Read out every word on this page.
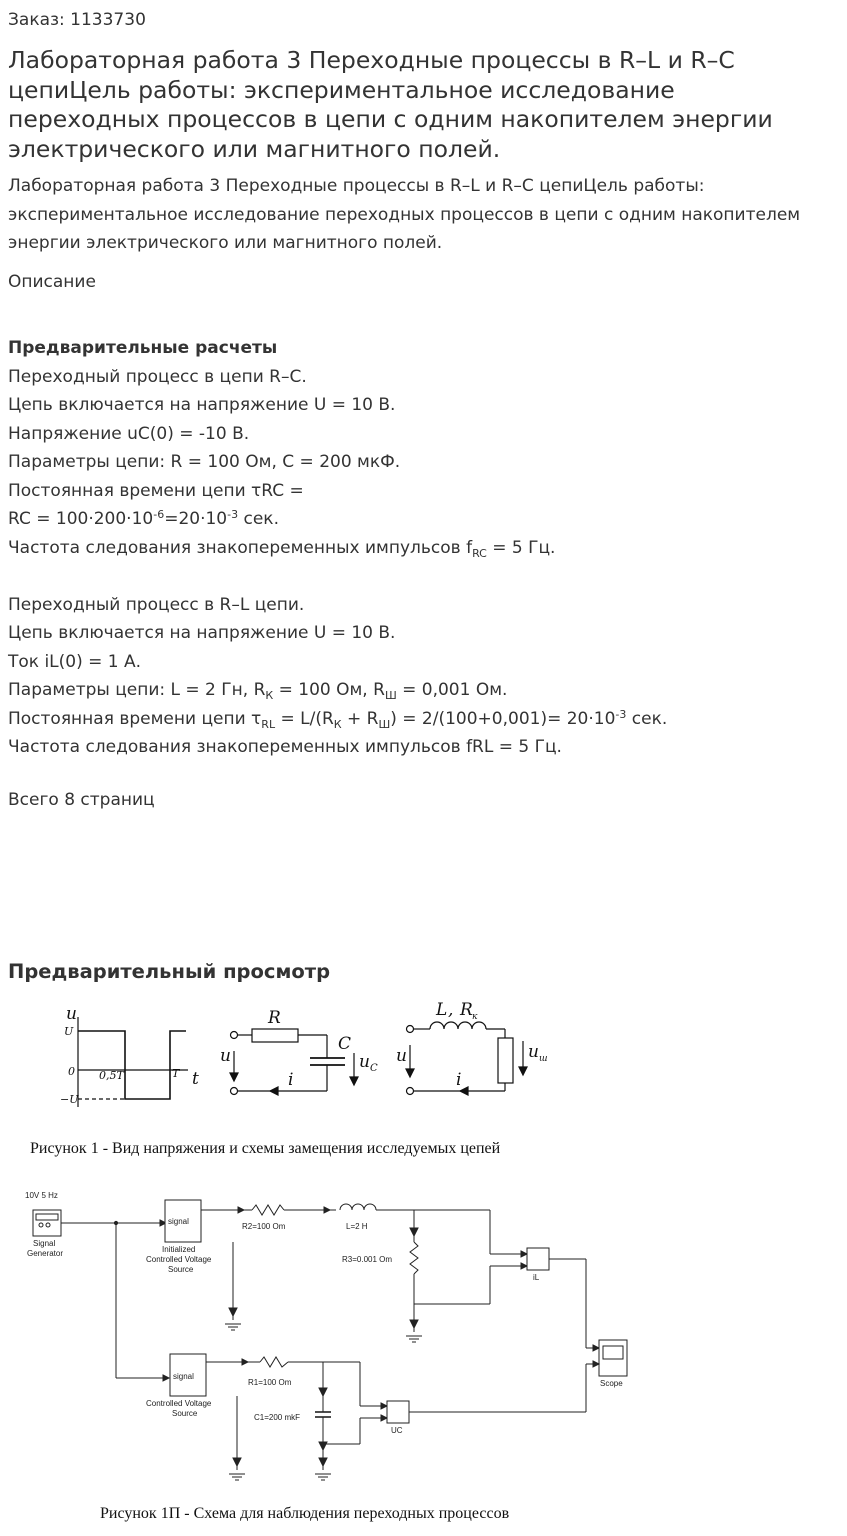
Заказ: 1133730
Лабораторная работа 3 Переходные процессы в R–L и R–C цепиЦель работы: экспериментальное исследование переходных процессов в цепи с одним накопителем энергии электрического или магнитного полей.
Лабораторная работа 3 Переходные процессы в R–L и R–C цепиЦель работы: экспериментальное исследование переходных процессов в цепи с одним накопителем энергии электрического или магнитного полей.
Описание
Предварительные расчеты
Переходный процесс в цепи R–C.
Цепь включается на напряжение U = 10 В.
Напряжение uC(0) = -10 В.
Параметры цепи: R = 100 Ом, С = 200 мкФ.
Постоянная времени цепи τRC =
RC = $100\cdot 200\cdot 10^{-6}=20\cdot 10^{-3}$ сек.
Частота следования знакопеременных импульсов $f_{RC} = 5$ Гц.
Переходный процесс в R–L цепи.
Цепь включается на напряжение U = 10 В.
Ток iL(0) = 1 А.
Параметры цепи: L = 2 Гн, $R_К = 100$ Ом, $R_Ш = 0,001$ Ом.
Постоянная времени цепи $\tau_{RL} = L/(R_К + R_Ш) = 2/(100+0,001)= 20\cdot 10^{-3}$ сек.
Частота следования знакопеременных импульсов fRL = 5 Гц.
Всего 8 страниц
Предварительный просмотр
u
U
0 0,5T	T t
−U
R
C
u
i
u C
L , R к
u
i
u ш
Рисунок 1 - Вид напряжения и схемы замещения исследуемых цепей
10V 5 Hz
Signal
Generator
signal
Initialized
Controlled Voltage
Source
R2=100 Om	L=2 H
R3=0.001 Om
iL
signal
Controlled Voltage
Source
R1=100 Om
C1=200 mkF
UC
Scope
Рисунок 1П - Схема для наблюдения переходных процессов
